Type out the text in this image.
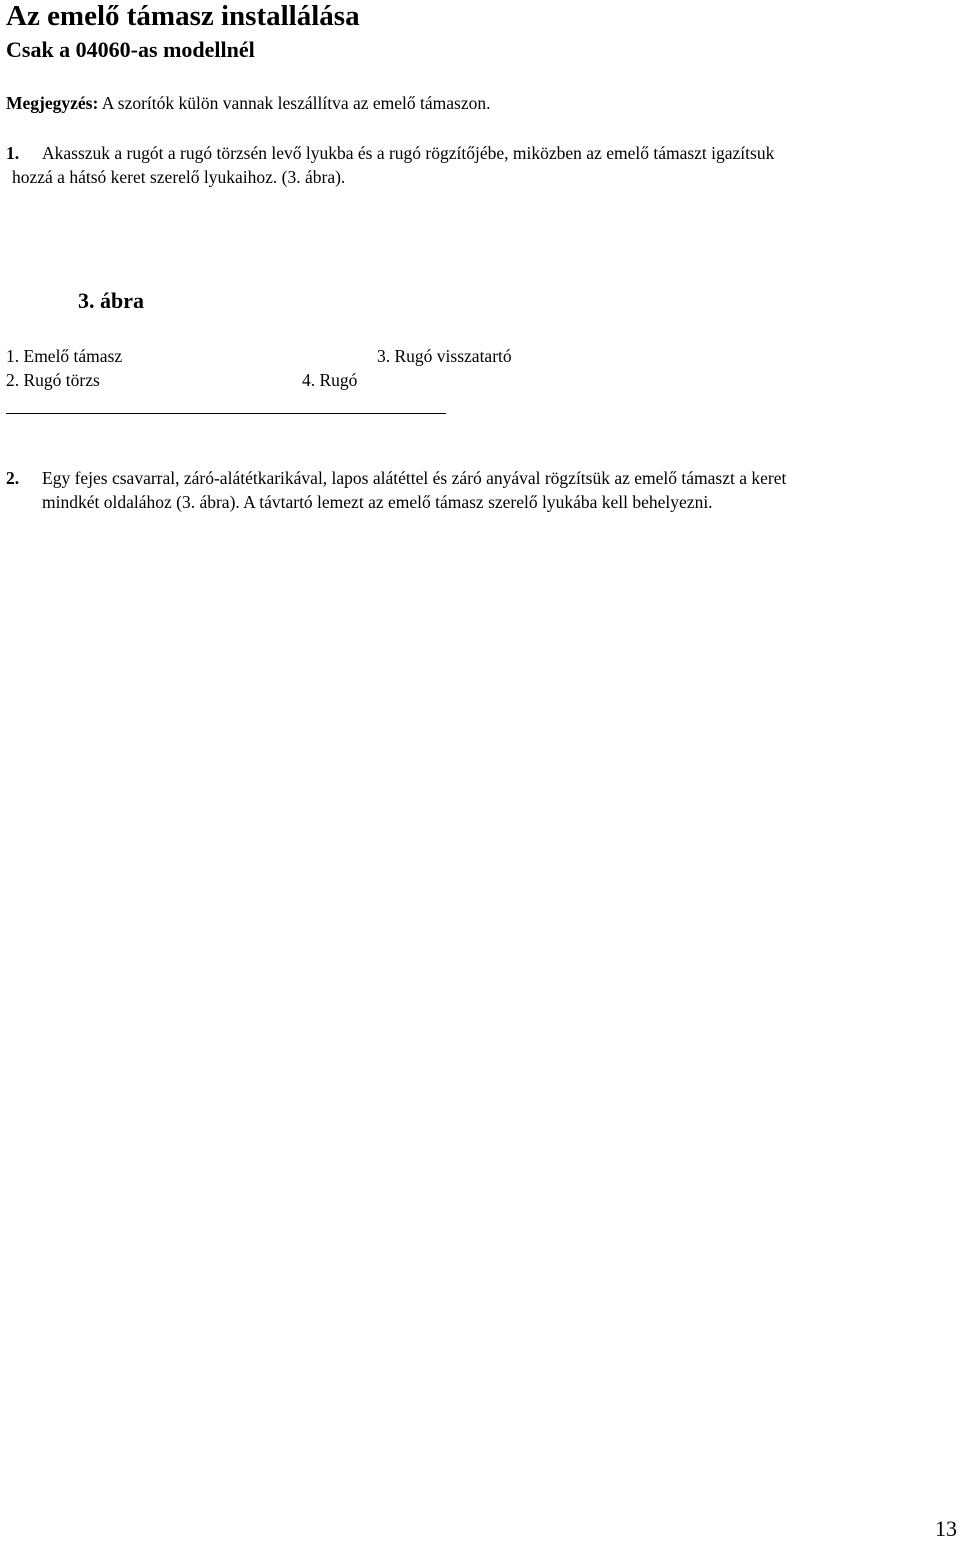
Az emelő támasz installálása
Csak a 04060-as modellnél
Megjegyzés: A szorítók külön vannak leszállítva az emelő támaszon.
1. Akasszuk a rugót a rugó törzsén levő lyukba és a rugó rögzítőjébe, miközben az emelő támaszt igazítsuk
hozzá a hátsó keret szerelő lyukaihoz. (3. ábra).
3. ábra
1. Emelő támasz	3. Rugó visszatartó
2. Rugó törzs	4. Rugó
2. Egy fejes csavarral, záró-alátétkarikával, lapos alátéttel és záró anyával rögzítsük az emelő támaszt a keret
mindkét oldalához (3. ábra). A távtartó lemezt az emelő támasz szerelő lyukába kell behelyezni.
13
